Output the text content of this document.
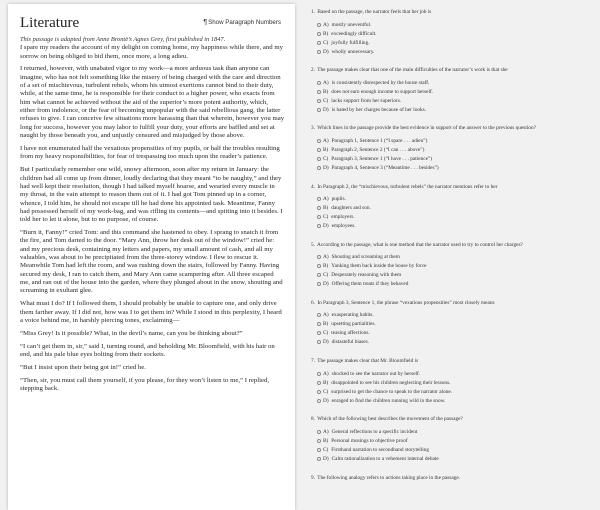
Literature	¶Show Paragraph Numbers
This passage is adapted from Anne Brontë’s Agnes Grey, first published in 1847.

I spare my readers the account of my delight on coming home, my happiness while there, and my sorrow on being obliged to bid them, once more, a long adieu.

I returned, however, with unabated vigor to my work—a more arduous task than anyone can imagine, who has not felt something like the misery of being charged with the care and direction of a set of mischievous, turbulent rebels, whom his utmost exertions cannot bind to their duty, while, at the same time, he is responsible for their conduct to a higher power, who exacts from him what cannot be achieved without the aid of the superior’s more potent authority, which, either from indolence, or the fear of becoming unpopular with the said rebellious gang, the latter refuses to give. I can conceive few situations more harassing than that wherein, however you may long for success, however you may labor to fulfill your duty, your efforts are baffled and set at naught by those beneath you, and unjustly censured and misjudged by those above.

I have not enumerated half the vexatious propensities of my pupils, or half the troubles resulting from my heavy responsibilities, for fear of trespassing too much upon the reader’s patience.

But I particularly remember one wild, snowy afternoon, soon after my return in January: the children had all come up from dinner, loudly declaring that they meant “to be naughty,” and they had well kept their resolution, though I had talked myself hoarse, and wearied every muscle in my throat, in the vain attempt to reason them out of it. I had got Tom pinned up in a corner, whence, I told him, he should not escape till he had done his appointed task. Meantime, Fanny had possessed herself of my work-bag, and was rifling its contents—and spitting into it besides. I told her to let it alone, but to no purpose, of course.

“Burn it, Fanny!” cried Tom: and this command she hastened to obey. I sprang to snatch it from the fire, and Tom darted to the door. “Mary Ann, throw her desk out of the window!” cried he: and my precious desk, containing my letters and papers, my small amount of cash, and all my valuables, was about to be precipitated from the three-storey window. I flew to rescue it. Meanwhile Tom had left the room, and was rushing down the stairs, followed by Fanny. Having secured my desk, I ran to catch them, and Mary Ann came scampering after. All three escaped me, and ran out of the house into the garden, where they plunged about in the snow, shouting and screaming in exultant glee.

What must I do? If I followed them, I should probably be unable to capture one, and only drive them farther away. If I did not, how was I to get them in? While I stood in this perplexity, I heard a voice behind me, in harshly piercing tones, exclaiming—

“Miss Grey! Is it possible? What, in the devil’s name, can you be thinking about?”

“I can’t get them in, sir,” said I, turning round, and beholding Mr. Bloomfield, with his hair on end, and his pale blue eyes bolting from their sockets.

“But I insist upon their being got in!” cried he.

“Then, sir, you must call them yourself, if you please, for they won’t listen to me,” I replied, stepping back.

1. Based on the passage, the narrator feels that her job is
A) mostly uneventful.
B) exceedingly difficult.
C) joyfully fulfilling.
D) wholly unnecessary.
2. The passage makes clear that one of the main difficulties of the narrator’s work is that she
A) is consistently disrespected by the house staff.
B) does not earn enough income to support herself.
C) lacks support from her superiors.
D) is hated by her charges because of her looks.
3. Which lines in the passage provide the best evidence in support of the answer to the previous question?
A) Paragraph 1, Sentence 1 (“I spare . . . adieu”)
B) Paragraph 2, Sentence 2 (“I can . . . above”)
C) Paragraph 3, Sentence 1 (“I have . . . patience”)
D) Paragraph 4, Sentence 3 (“Meantime . . . besides”)
4. In Paragraph 2, the “mischievous, turbulent rebels” the narrator mentions refer to her
A) pupils.
B) daughters and son.
C) employers.
D) employees.
5. According to the passage, what is one method that the narrator used to try to control her charges?
A) Shouting and screaming at them
B) Yanking them back inside the house by force
C) Desperately reasoning with them
D) Offering them treats if they behaved
6. In Paragraph 3, Sentence 1, the phrase “vexatious propensities” most closely means
A) exasperating habits.
B) upsetting partialities.
C) teasing affections.
D) distasteful biases.
7. The passage makes clear that Mr. Bloomfield is
A) shocked to see the narrator out by herself.
B) disappointed to see his children neglecting their lessons.
C) surprised to get the chance to speak to the narrator alone.
D) enraged to find the children running wild in the snow.
8. Which of the following best describes the movement of the passage?
A) General reflections to a specific incident
B) Personal musings to objective proof
C) Firsthand narration to secondhand storytelling
D) Calm rationalization to a vehement internal debate
9. The following analogy refers to actions taking place in the passage.
